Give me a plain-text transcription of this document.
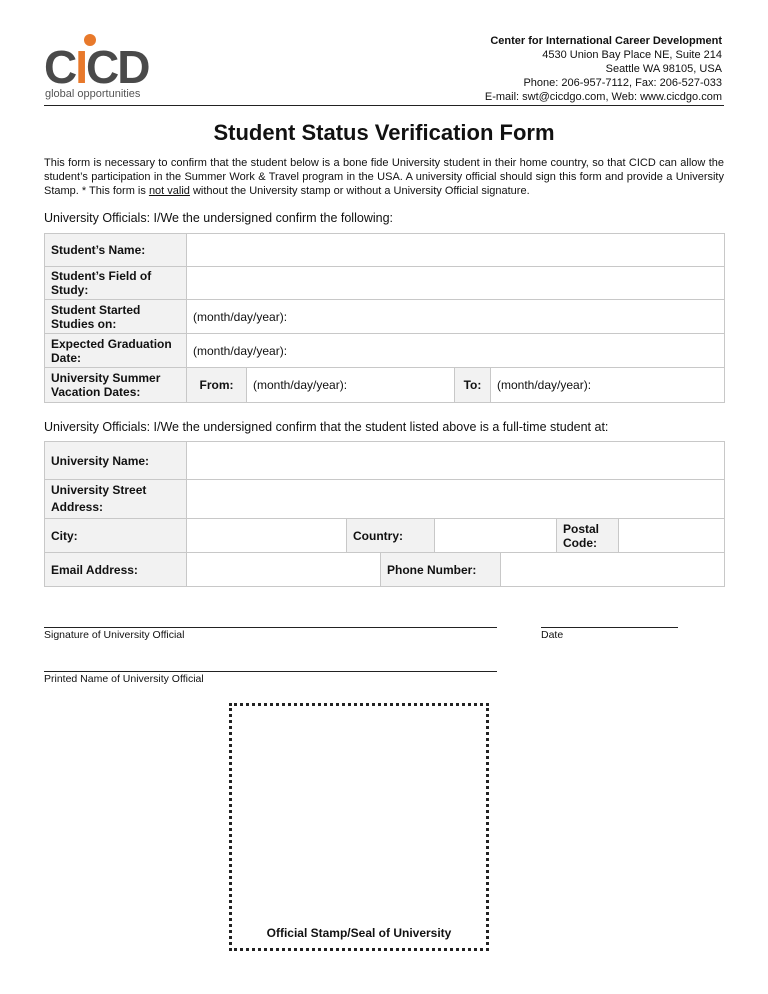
CICD
global opportunities
Center for International Career Development
4530 Union Bay Place NE, Suite 214
Seattle WA 98105, USA
Phone: 206-957-7112, Fax: 206-527-033
E-mail: swt@cicdgo.com, Web: www.cicdgo.com
Student Status Verification Form
This form is necessary to confirm that the student below is a bone fide University student in their home country, so that CICD can allow the student’s participation in the Summer Work & Travel program in the USA. A university official should sign this form and provide a University Stamp. * This form is not valid without the University stamp or without a University Official signature.
University Officials: I/We the undersigned confirm the following:
Student’s Name:				
Student’s Field of Study:				
Student Started Studies on:	(month/day/year):			
Expected Graduation Date:	(month/day/year):			
University Summer Vacation Dates:	From:	(month/day/year):	To:	(month/day/year):
University Officials: I/We the undersigned confirm that the student listed above is a full-time student at:
University Name:							
University Street Address:							
City:		Country:				Postal Code:	
Email Address:			Phone Number:				
Signature of University Official	Date
Printed Name of University Official
Official Stamp/Seal of University
